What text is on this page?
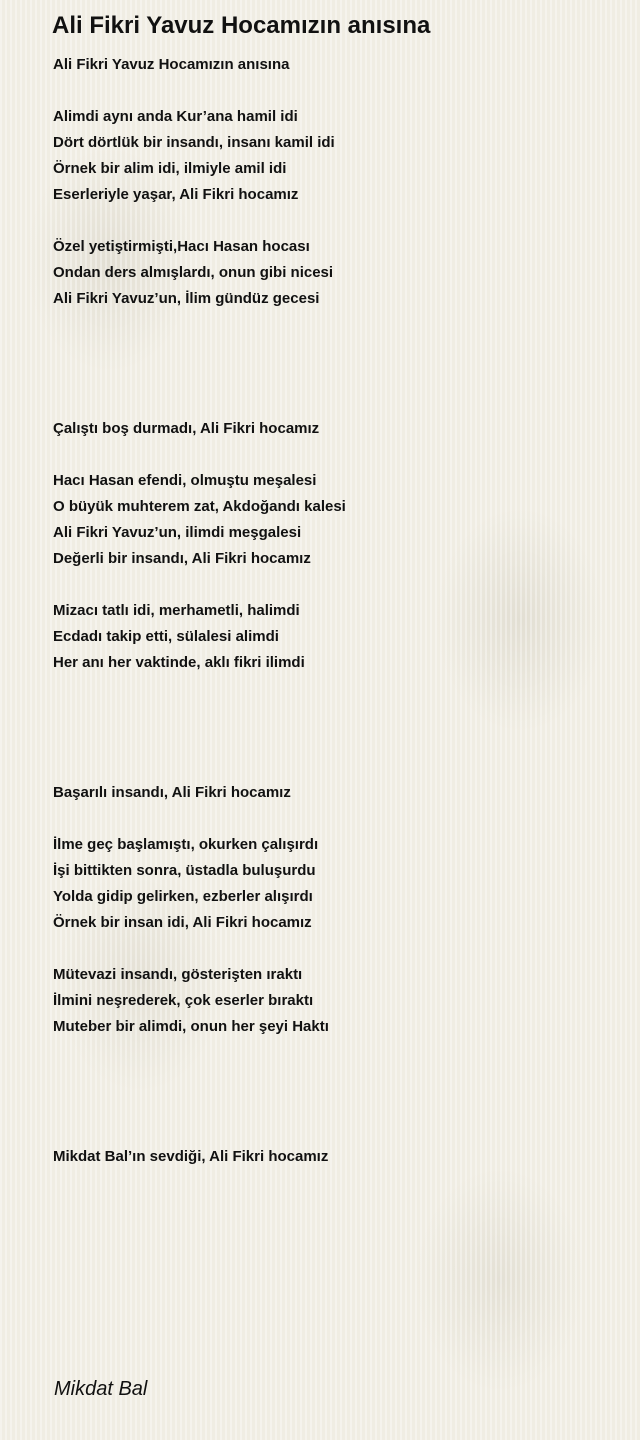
Ali Fikri Yavuz Hocamızın anısına
Ali Fikri Yavuz Hocamızın anısına
Alimdi aynı anda Kur’ana hamil idi
Dört dörtlük bir insandı, insanı kamil idi
Örnek bir alim idi, ilmiyle amil idi
Eserleriyle yaşar, Ali Fikri hocamız
Özel yetiştirmişti,Hacı Hasan hocası
Ondan ders almışlardı, onun gibi nicesi
Ali Fikri Yavuz’un, İlim gündüz gecesi
Çalıştı boş durmadı, Ali Fikri hocamız
Hacı Hasan efendi, olmuştu meşalesi
O büyük muhterem zat, Akdoğandı kalesi
Ali Fikri Yavuz’un, ilimdi meşgalesi
Değerli bir insandı, Ali Fikri hocamız
Mizacı tatlı idi, merhametli, halimdi
Ecdadı takip etti, sülalesi alimdi
Her anı her vaktinde, aklı fikri ilimdi
Başarılı insandı, Ali Fikri hocamız
İlme geç başlamıştı, okurken çalışırdı
İşi bittikten sonra, üstadla buluşurdu
Yolda gidip gelirken, ezberler alışırdı
Örnek bir insan idi, Ali Fikri hocamız
Mütevazi insandı, gösterişten ıraktı
İlmini neşrederek, çok eserler bıraktı
Muteber bir alimdi, onun her şeyi Haktı
Mikdat Bal’ın sevdiği, Ali Fikri hocamız
Mikdat Bal
